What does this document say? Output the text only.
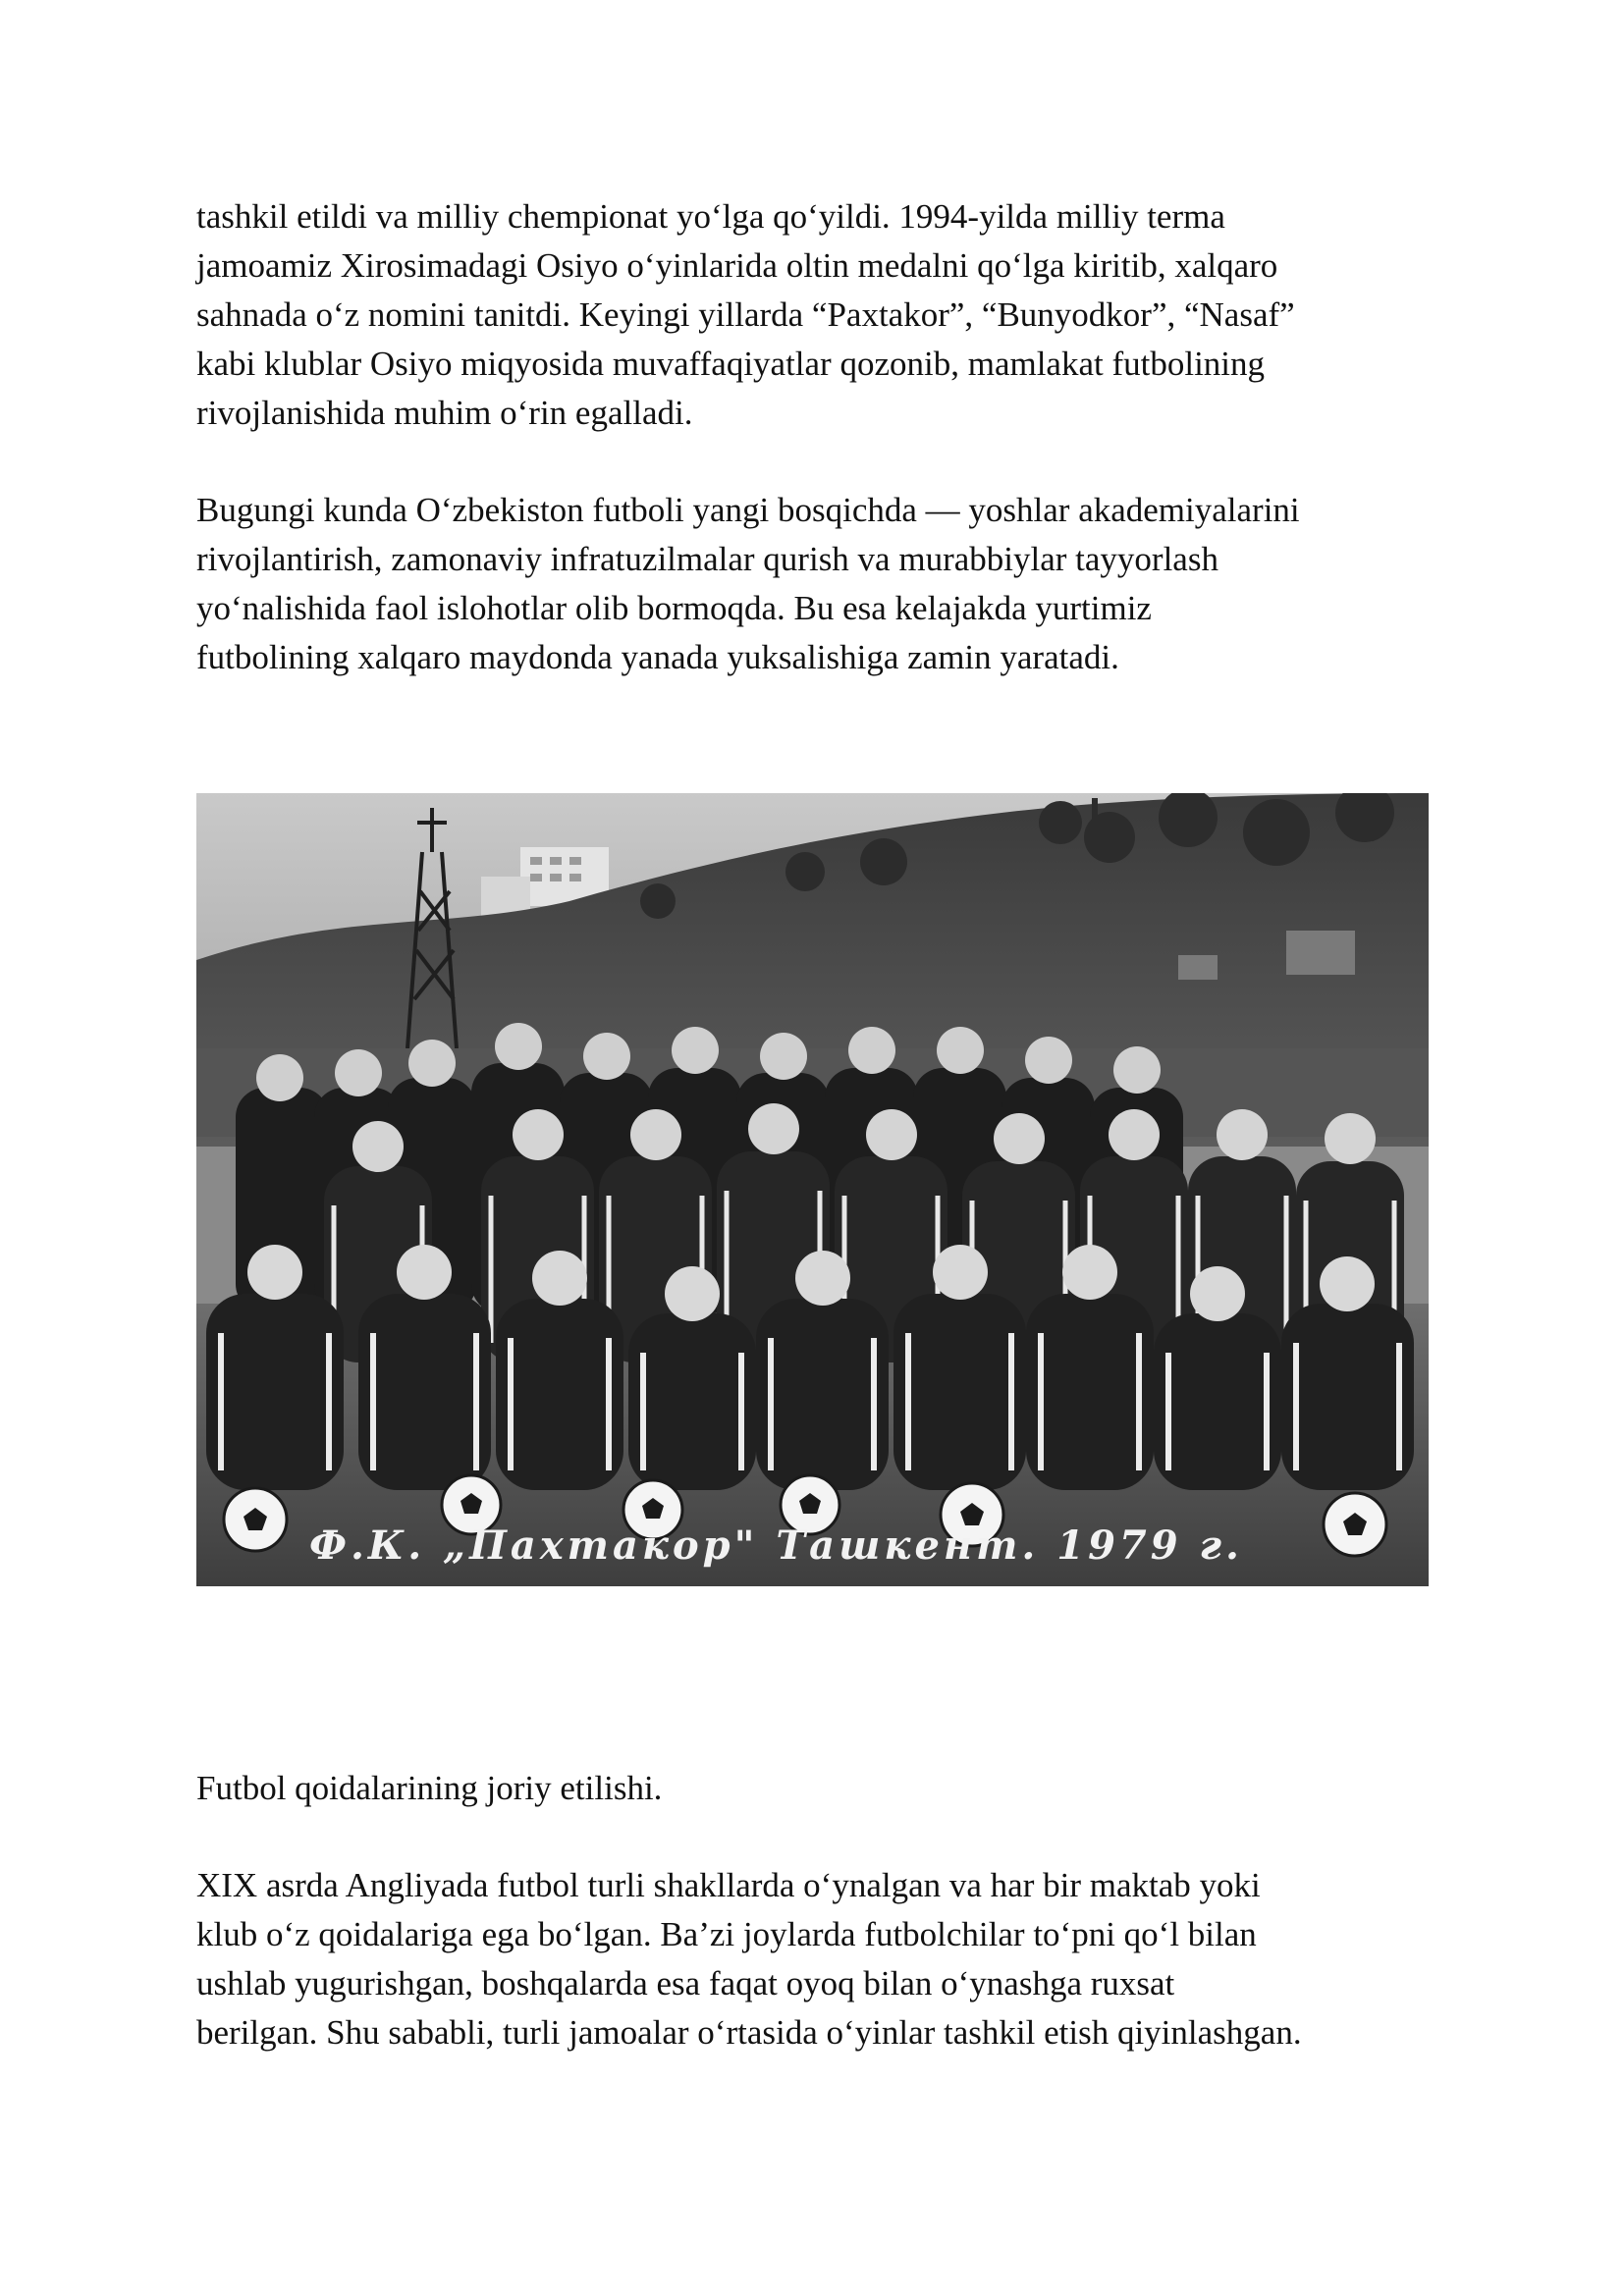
tashkil etildi va milliy chempionat yo‘lga qo‘yildi. 1994-yilda milliy terma
jamoamiz Xirosimadagi Osiyo o‘yinlarida oltin medalni qo‘lga kiritib, xalqaro
sahnada o‘z nomini tanitdi. Keyingi yillarda “Paxtakor”, “Bunyodkor”, “Nasaf”
kabi klublar Osiyo miqyosida muvaffaqiyatlar qozonib, mamlakat futbolining
rivojlanishida muhim o‘rin egalladi.

Bugungi kunda O‘zbekiston futboli yangi bosqichda — yoshlar akademiyalarini
rivojlantirish, zamonaviy infratuzilmalar qurish va murabbiylar tayyorlash
yo‘nalishida faol islohotlar olib bormoqda. Bu esa kelajakda yurtimiz
futbolining xalqaro maydonda yanada yuksalishiga zamin yaratadi.

Ф.К. „Пахтакор" Ташкент. 1979 г.

Futbol qoidalarining joriy etilishi.

XIX asrda Angliyada futbol turli shakllarda o‘ynalgan va har bir maktab yoki
klub o‘z qoidalariga ega bo‘lgan. Ba’zi joylarda futbolchilar to‘pni qo‘l bilan
ushlab yugurishgan, boshqalarda esa faqat oyoq bilan o‘ynashga ruxsat
berilgan. Shu sababli, turli jamoalar o‘rtasida o‘yinlar tashkil etish qiyinlashgan.
